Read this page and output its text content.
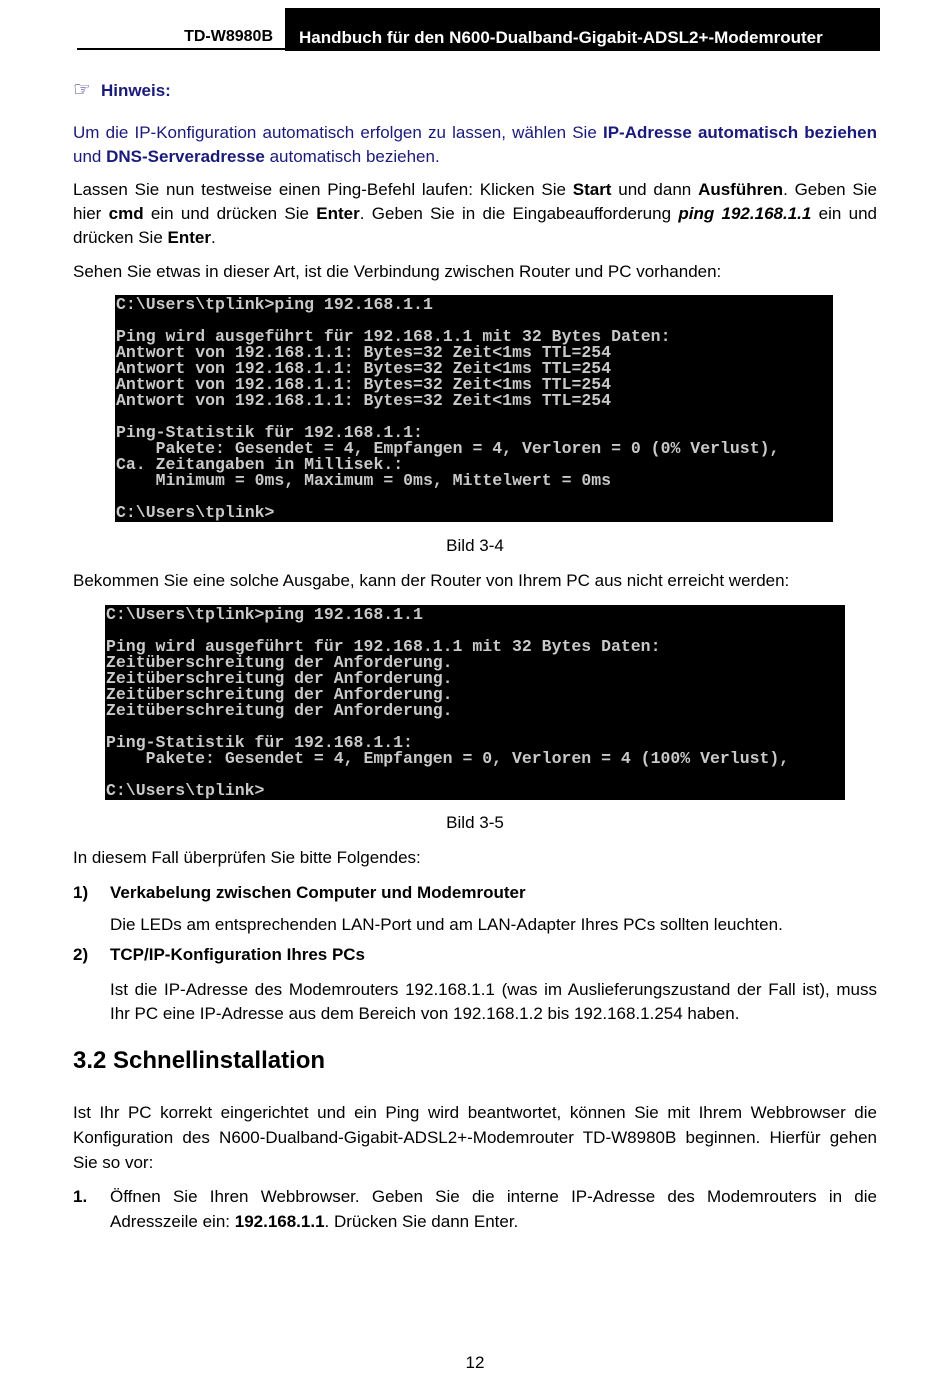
TD-W8980B	Handbuch für den N600-Dualband-Gigabit-ADSL2+-Modemrouter
☞ Hinweis:
Um die IP-Konfiguration automatisch erfolgen zu lassen, wählen Sie IP-Adresse automatisch beziehen und DNS-Serveradresse automatisch beziehen.
Lassen Sie nun testweise einen Ping-Befehl laufen: Klicken Sie Start und dann Ausführen. Geben Sie hier cmd ein und drücken Sie Enter. Geben Sie in die Eingabeaufforderung ping 192.168.1.1 ein und drücken Sie Enter.
Sehen Sie etwas in dieser Art, ist die Verbindung zwischen Router und PC vorhanden:
C:\Users\tplink>ping 192.168.1.1

Ping wird ausgeführt für 192.168.1.1 mit 32 Bytes Daten:
Antwort von 192.168.1.1: Bytes=32 Zeit<1ms TTL=254
Antwort von 192.168.1.1: Bytes=32 Zeit<1ms TTL=254
Antwort von 192.168.1.1: Bytes=32 Zeit<1ms TTL=254
Antwort von 192.168.1.1: Bytes=32 Zeit<1ms TTL=254

Ping-Statistik für 192.168.1.1:
Pakete: Gesendet = 4, Empfangen = 4, Verloren = 0 (0% Verlust),
Ca. Zeitangaben in Millisek.:
Minimum = 0ms, Maximum = 0ms, Mittelwert = 0ms

C:\Users\tplink>
Bild 3-4
Bekommen Sie eine solche Ausgabe, kann der Router von Ihrem PC aus nicht erreicht werden:
C:\Users\tplink>ping 192.168.1.1

Ping wird ausgeführt für 192.168.1.1 mit 32 Bytes Daten:
Zeitüberschreitung der Anforderung.
Zeitüberschreitung der Anforderung.
Zeitüberschreitung der Anforderung.
Zeitüberschreitung der Anforderung.

Ping-Statistik für 192.168.1.1:
Pakete: Gesendet = 4, Empfangen = 0, Verloren = 4 (100% Verlust),

C:\Users\tplink>
Bild 3-5
In diesem Fall überprüfen Sie bitte Folgendes:
1)	Verkabelung zwischen Computer und Modemrouter
Die LEDs am entsprechenden LAN-Port und am LAN-Adapter Ihres PCs sollten leuchten.
2)	TCP/IP-Konfiguration Ihres PCs
Ist die IP-Adresse des Modemrouters 192.168.1.1 (was im Auslieferungszustand der Fall ist), muss Ihr PC eine IP-Adresse aus dem Bereich von 192.168.1.2 bis 192.168.1.254 haben.
3.2 Schnellinstallation
Ist Ihr PC korrekt eingerichtet und ein Ping wird beantwortet, können Sie mit Ihrem Webbrowser die Konfiguration des N600-Dualband-Gigabit-ADSL2+-Modemrouter TD-W8980B beginnen. Hierfür gehen Sie so vor:
1.	Öffnen Sie Ihren Webbrowser. Geben Sie die interne IP-Adresse des Modemrouters in die Adresszeile ein: 192.168.1.1. Drücken Sie dann Enter.
12
